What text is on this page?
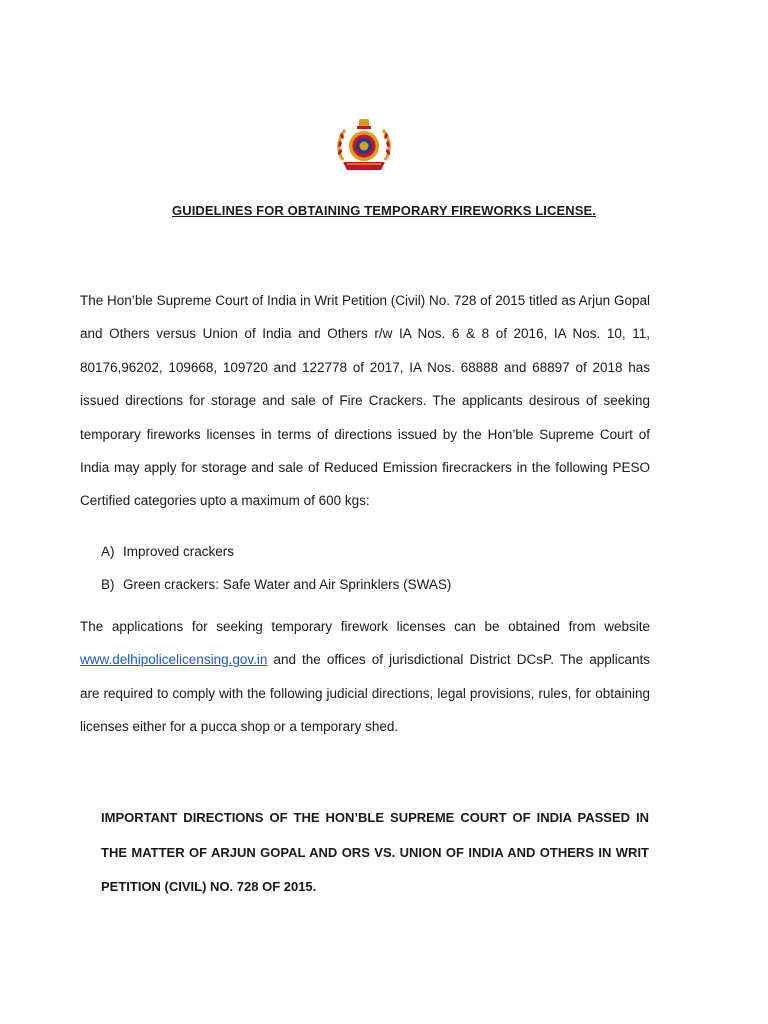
GUIDELINES FOR OBTAINING TEMPORARY FIREWORKS LICENSE.

The Hon’ble Supreme Court of India in Writ Petition (Civil) No. 728 of 2015 titled as Arjun Gopal and Others versus Union of India and Others r/w IA Nos. 6 & 8 of 2016, IA Nos. 10, 11, 80176,96202, 109668, 109720 and 122778 of 2017, IA Nos. 68888 and 68897 of 2018 has issued directions for storage and sale of Fire Crackers. The applicants desirous of seeking temporary fireworks licenses in terms of directions issued by the Hon’ble Supreme Court of India may apply for storage and sale of Reduced Emission firecrackers in the following PESO Certified categories upto a maximum of 600 kgs:

A) Improved crackers
B) Green crackers: Safe Water and Air Sprinklers (SWAS)

The applications for seeking temporary firework licenses can be obtained from website www.delhipolicelicensing.gov.in and the offices of jurisdictional District DCsP. The applicants are required to comply with the following judicial directions, legal provisions, rules, for obtaining licenses either for a pucca shop or a temporary shed.

IMPORTANT DIRECTIONS OF THE HON’BLE SUPREME COURT OF INDIA PASSED IN THE MATTER OF ARJUN GOPAL AND ORS VS. UNION OF INDIA AND OTHERS IN WRIT PETITION (CIVIL) NO. 728 OF 2015.
